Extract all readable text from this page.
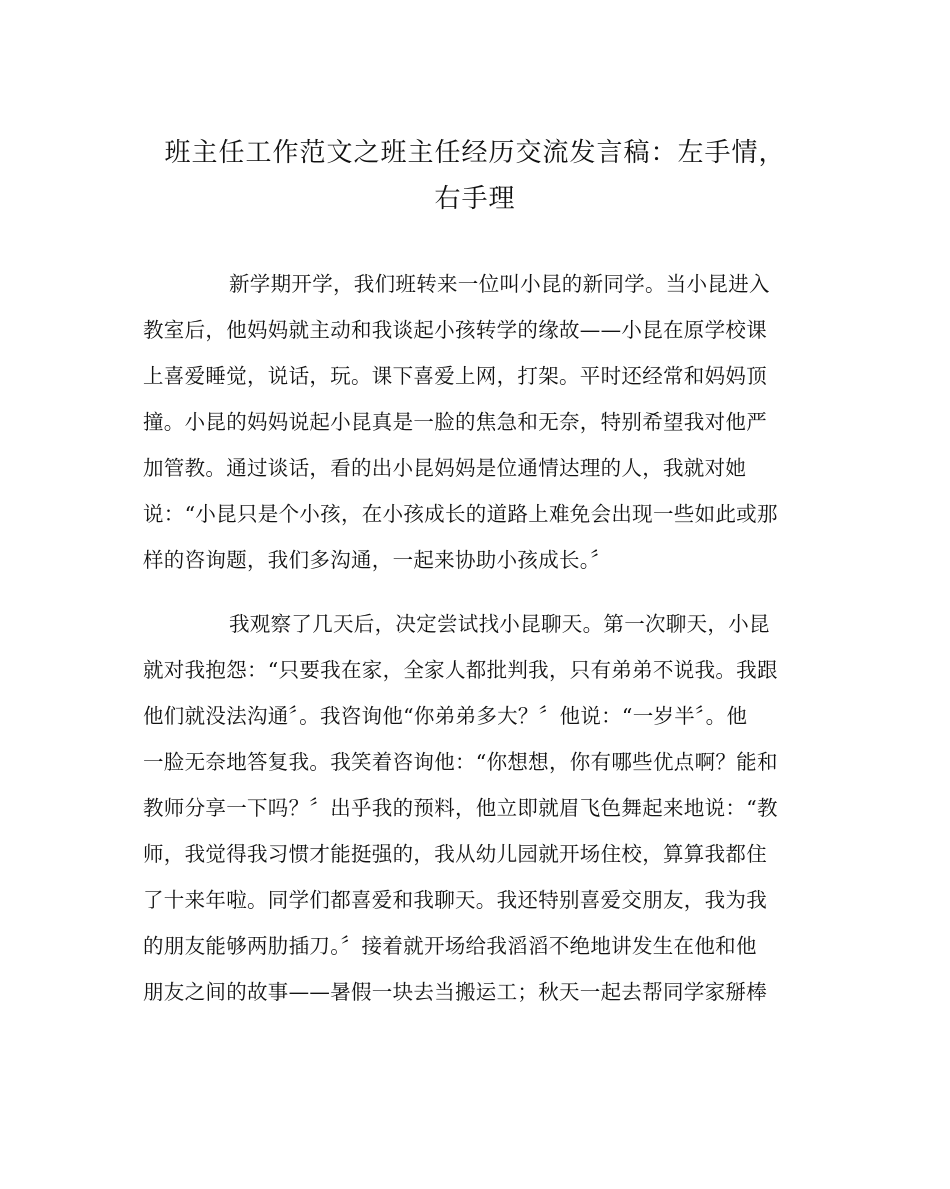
班主任工作范文之班主任经历交流发言稿：左手情，
右手理
新学期开学，我们班转来一位叫小昆的新同学。当小昆进入
教室后，他妈妈就主动和我谈起小孩转学的缘故——小昆在原学校课
上喜爱睡觉，说话，玩。课下喜爱上网，打架。平时还经常和妈妈顶
撞。小昆的妈妈说起小昆真是一脸的焦急和无奈，特别希望我对他严
加管教。通过谈话，看的出小昆妈妈是位通情达理的人，我就对她
说：“小昆只是个小孩，在小孩成长的道路上难免会出现一些如此或那
样的咨询题，我们多沟通，一起来协助小孩成长。〞
我观察了几天后，决定尝试找小昆聊天。第一次聊天，小昆
就对我抱怨：“只要我在家，全家人都批判我，只有弟弟不说我。我跟
他们就没法沟通〞。我咨询他“你弟弟多大？〞他说：“一岁半〞。他
一脸无奈地答复我。我笑着咨询他：“你想想，你有哪些优点啊？能和
教师分享一下吗？〞出乎我的预料，他立即就眉飞色舞起来地说：“教
师，我觉得我习惯才能挺强的，我从幼儿园就开场住校，算算我都住
了十来年啦。同学们都喜爱和我聊天。我还特别喜爱交朋友，我为我
的朋友能够两肋插刀。〞接着就开场给我滔滔不绝地讲发生在他和他
朋友之间的故事——暑假一块去当搬运工；秋天一起去帮同学家掰棒
